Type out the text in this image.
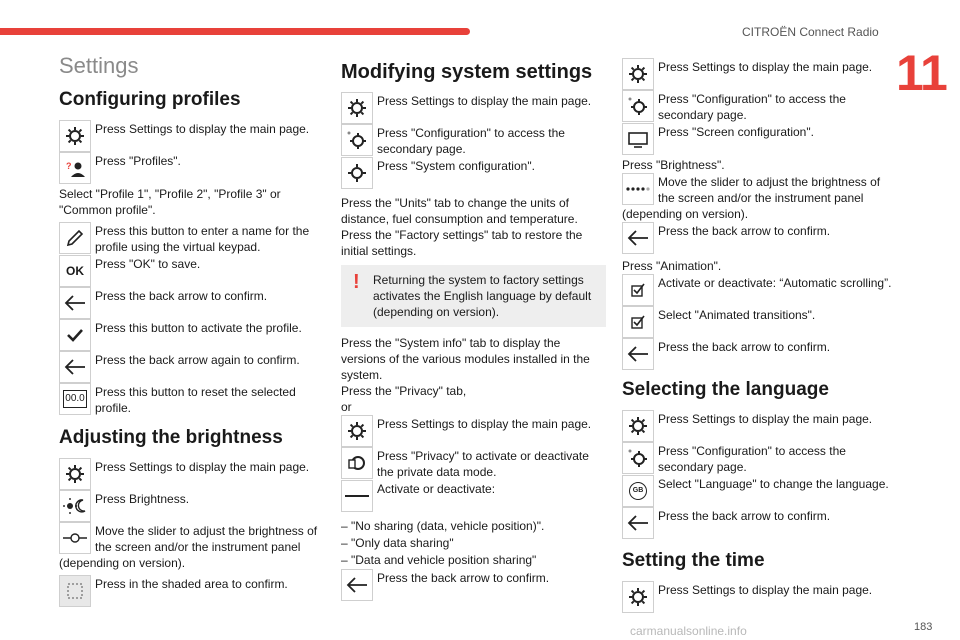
CITROËN Connect Radio
11
Settings
Configuring profiles
Press Settings to display the main page.
? Press "Profiles".

Select "Profile 1", "Profile 2", "Profile 3" or "Common profile".

Press this button to enter a name for the profile using the virtual keypad.
OK Press "OK" to save.
Press the back arrow to confirm.
Press this button to activate the profile.
Press the back arrow again to confirm.
00.0 Press this button to reset the selected profile.
Adjusting the brightness
Press Settings to display the main page.
Press Brightness.
Move the slider to adjust the brightness of the screen and/or the instrument panel

(depending on version).

Press in the shaded area to confirm.
Modifying system settings
Press Settings to display the main page.
Press "Configuration" to access the secondary page.
Press "System configuration".

Press the "Units" tab to change the units of distance, fuel consumption and temperature.

Press the "Factory settings" tab to restore the initial settings.

!	Returning the system to factory settings activates the English language by default (depending on version).

Press the "System info" tab to display the versions of the various modules installed in the system.

Press the "Privacy" tab,

or

Press Settings to display the main page.
Press "Privacy" to activate or deactivate the private data mode.
Activate or deactivate:

– "No sharing (data, vehicle position)".

– "Only data sharing"

– "Data and vehicle position sharing"

Press the back arrow to confirm.
Press Settings to display the main page.
Press "Configuration" to access the secondary page.
Press "Screen configuration".

Press "Brightness".

Move the slider to adjust the brightness of the screen and/or the instrument panel

(depending on version).

Press the back arrow to confirm.

Press "Animation".

Activate or deactivate: “Automatic scrolling”.
Select "Animated transitions".
Press the back arrow to confirm.
Selecting the language
Press Settings to display the main page.
Press "Configuration" to access the secondary page.
GB	Select "Language" to change the language.
Press the back arrow to confirm.
Setting the time
Press Settings to display the main page.
carmanualsonline.info	183
